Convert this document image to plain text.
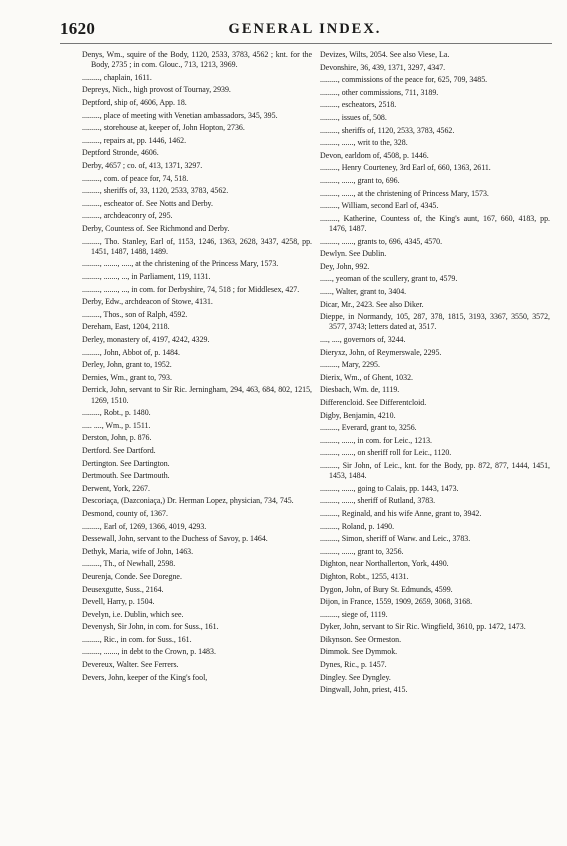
1620	GENERAL INDEX.
Denys, Wm., squire of the Body, 1120, 2533, 3783, 4562 ; knt. for the Body, 2735 ; in com. Glouc., 713, 1213, 3969.
........., chaplain, 1611.
Depreys, Nich., high provost of Tournay, 2939.
Deptford, ship of, 4606, App. 18.
........., place of meeting with Venetian ambassadors, 345, 395.
........., storehouse at, keeper of, John Hopton, 2736.
........., repairs at, pp. 1446, 1462.
Deptford Stronde, 4606.
Derby, 4657 ; co. of, 413, 1371, 3297.
........., com. of peace for, 74, 518.
........., sheriffs of, 33, 1120, 2533, 3783, 4562.
........., escheator of. See Notts and Derby.
........., archdeaconry of, 295.
Derby, Countess of. See Richmond and Derby.
........., Tho. Stanley, Earl of, 1153, 1246, 1363, 2628, 3437, 4258, pp. 1451, 1487, 1488, 1489.
........., ......., ....., at the christening of the Princess Mary, 1573.
........., ......., ..., in Parliament, 119, 1131.
........., ......., ..., in com. for Derbyshire, 74, 518 ; for Middlesex, 427.
Derby, Edw., archdeacon of Stowe, 4131.
........., Thos., son of Ralph, 4592.
Dereham, East, 1204, 2118.
Derley, monastery of, 4197, 4242, 4329.
........., John, Abbot of, p. 1484.
Derley, John, grant to, 1952.
Dernies, Wm., grant to, 793.
Derrick, John, servant to Sir Ric. Jerningham, 294, 463, 684, 802, 1215, 1269, 1510.
........., Robt., p. 1480.
..... ...., Wm., p. 1511.
Derston, John, p. 876.
Dertford. See Dartford.
Dertington. See Dartington.
Dertmouth. See Dartmouth.
Derwent, York, 2267.
Descoriaça, (Dazconiaça,) Dr. Herman Lopez, physician, 734, 745.
Desmond, county of, 1367.
........., Earl of, 1269, 1366, 4019, 4293.
Dessewall, John, servant to the Duchess of Savoy, p. 1464.
Dethyk, Maria, wife of John, 1463.
........., Th., of Newhall, 2598.
Deurenja, Conde. See Doregne.
Deusexgutte, Suss., 2164.
Devell, Harry, p. 1504.
Develyn, i.e. Dublin, which see.
Devenysh, Sir John, in com. for Suss., 161.
........., Ric., in com. for Suss., 161.
........., ......., in debt to the Crown, p. 1483.
Devereux, Walter. See Ferrers.
Devers, John, keeper of the King's fool,
Devizes, Wilts, 2054. See also Viese, La.
Devonshire, 36, 439, 1371, 3297, 4347.
........., commissions of the peace for, 625, 709, 3485.
........., other commissions, 711, 3189.
........., escheators, 2518.
........., issues of, 508.
........., sheriffs of, 1120, 2533, 3783, 4562.
........., ......, writ to the, 328.
Devon, earldom of, 4508, p. 1446.
........., Henry Courteney, 3rd Earl of, 660, 1363, 2611.
........., ......, grant to, 696.
........., ......, at the christening of Princess Mary, 1573.
........., William, second Earl of, 4345.
........., Katherine, Countess of, the King's aunt, 167, 660, 4183, pp. 1476, 1487.
........., ......, grants to, 696, 4345, 4570.
Dewlyn. See Dublin.
Dey, John, 992.
......, yeoman of the scullery, grant to, 4579.
......, Walter, grant to, 3404.
Dicar, Mr., 2423. See also Diker.
Dieppe, in Normandy, 105, 287, 378, 1815, 3193, 3367, 3550, 3572, 3577, 3743; letters dated at, 3517.
...., ...., governors of, 3244.
Dieryxz, John, of Reymerswale, 2295.
........., Mary, 2295.
Dierix, Wm., of Ghent, 1032.
Diesbach, Wm. de, 1119.
Differencloid. See Differentcloid.
Digby, Benjamin, 4210.
........., Everard, grant to, 3256.
........., ......, in com. for Leic., 1213.
........., ......, on sheriff roll for Leic., 1120.
........., Sir John, of Leic., knt. for the Body, pp. 872, 877, 1444, 1451, 1453, 1484.
........., ......, going to Calais, pp. 1443, 1473.
........., ......, sheriff of Rutland, 3783.
........., Reginald, and his wife Anne, grant to, 3942.
........., Roland, p. 1490.
........., Simon, sheriff of Warw. and Leic., 3783.
........., ......, grant to, 3256.
Dighton, near Northallerton, York, 4490.
Dighton, Robt., 1255, 4131.
Dygon, John, of Bury St. Edmunds, 4599.
Dijon, in France, 1559, 1909, 2659, 3068, 3168.
........., siege of, 1119.
Dyker, John, servant to Sir Ric. Wingfield, 3610, pp. 1472, 1473.
Dikynson. See Ormeston.
Dimmok. See Dymmok.
Dynes, Ric., p. 1457.
Dingley. See Dyngley.
Dingwall, John, priest, 415.
